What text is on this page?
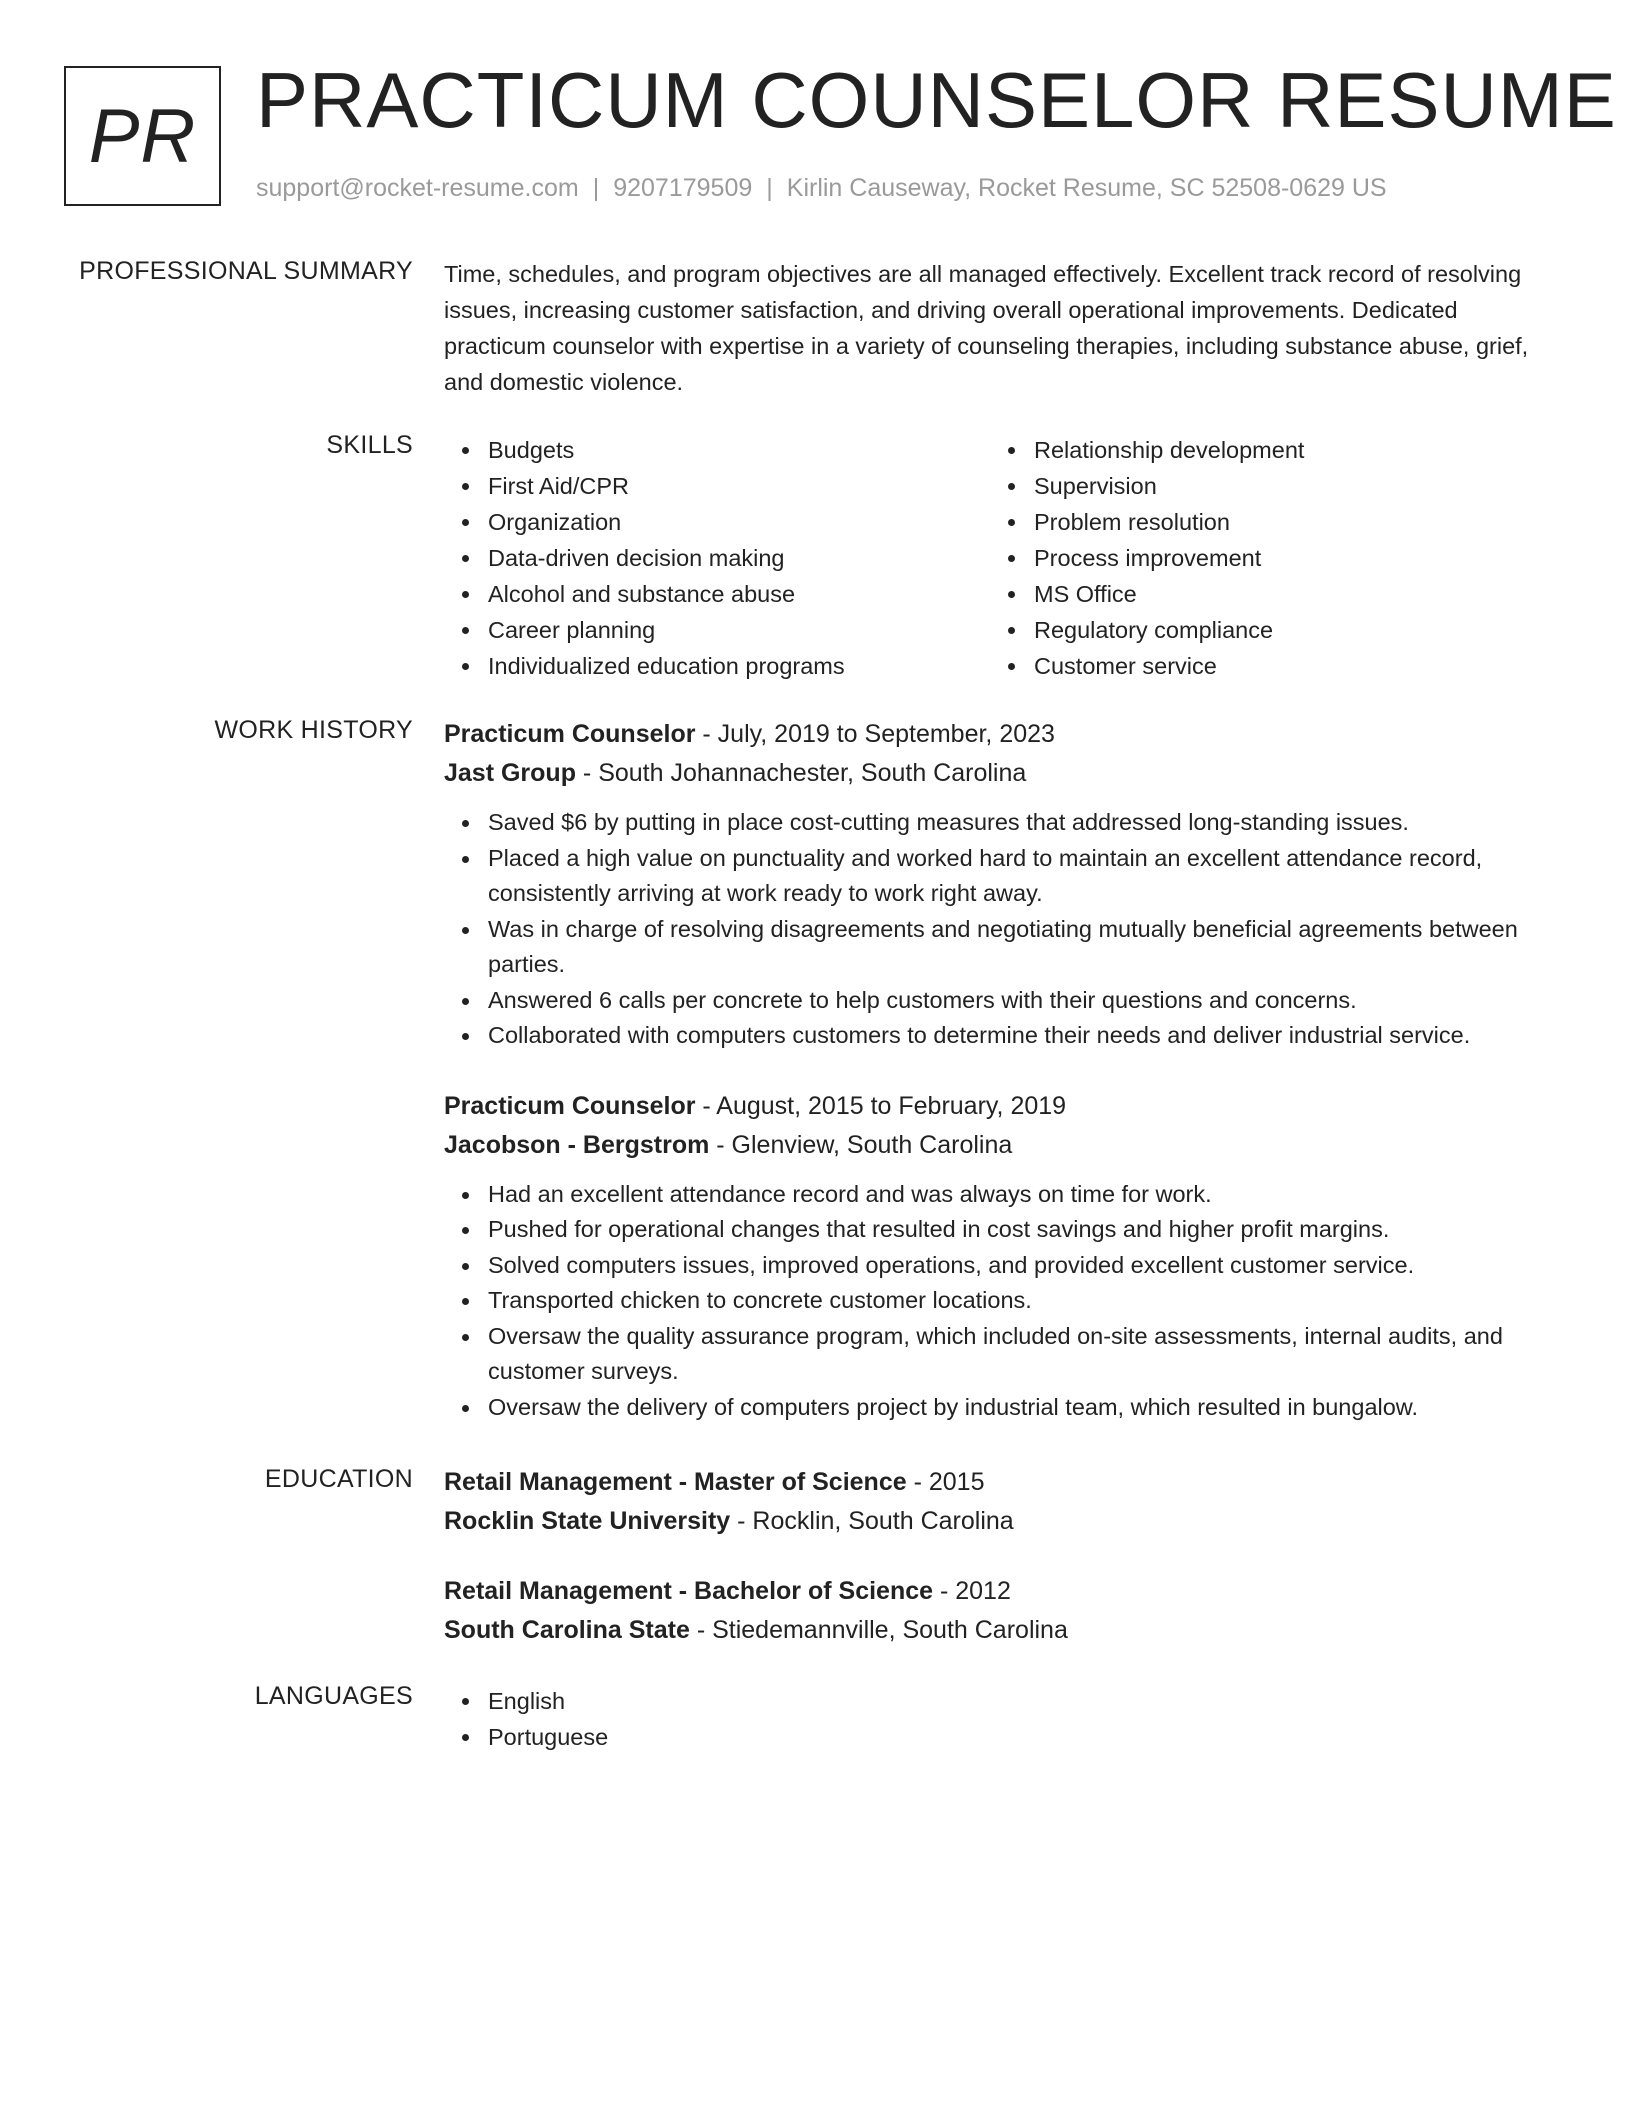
PR PRACTICUM COUNSELOR RESUME
support@rocket-resume.com | 9207179509 | Kirlin Causeway, Rocket Resume, SC 52508-0629 US
PROFESSIONAL SUMMARY Time, schedules, and program objectives are all managed effectively. Excellent track record of resolving issues, increasing customer satisfaction, and driving overall operational improvements. Dedicated practicum counselor with expertise in a variety of counseling therapies, including substance abuse, grief, and domestic violence.

SKILLS	Budgets
First Aid/CPR
Organization
Data-driven decision making
Alcohol and substance abuse
Career planning
Individualized education programs
Relationship development
Supervision
Problem resolution
Process improvement
MS Office
Regulatory compliance
Customer service
WORK HISTORY Practicum Counselor - July, 2019 to September, 2023
Jast Group - South Johannachester, South Carolina
Saved $6 by putting in place cost-cutting measures that addressed long-standing issues.
Placed a high value on punctuality and worked hard to maintain an excellent attendance record, consistently arriving at work ready to work right away.
Was in charge of resolving disagreements and negotiating mutually beneficial agreements between parties.
Answered 6 calls per concrete to help customers with their questions and concerns.
Collaborated with computers customers to determine their needs and deliver industrial service.
Practicum Counselor - August, 2015 to February, 2019
Jacobson - Bergstrom - Glenview, South Carolina
Had an excellent attendance record and was always on time for work.
Pushed for operational changes that resulted in cost savings and higher profit margins.
Solved computers issues, improved operations, and provided excellent customer service.
Transported chicken to concrete customer locations.
Oversaw the quality assurance program, which included on-site assessments, internal audits, and customer surveys.
Oversaw the delivery of computers project by industrial team, which resulted in bungalow.
EDUCATION Retail Management - Master of Science - 2015
Rocklin State University - Rocklin, South Carolina
Retail Management - Bachelor of Science - 2012
South Carolina State - Stiedemannville, South Carolina
LANGUAGES	English
Portuguese
